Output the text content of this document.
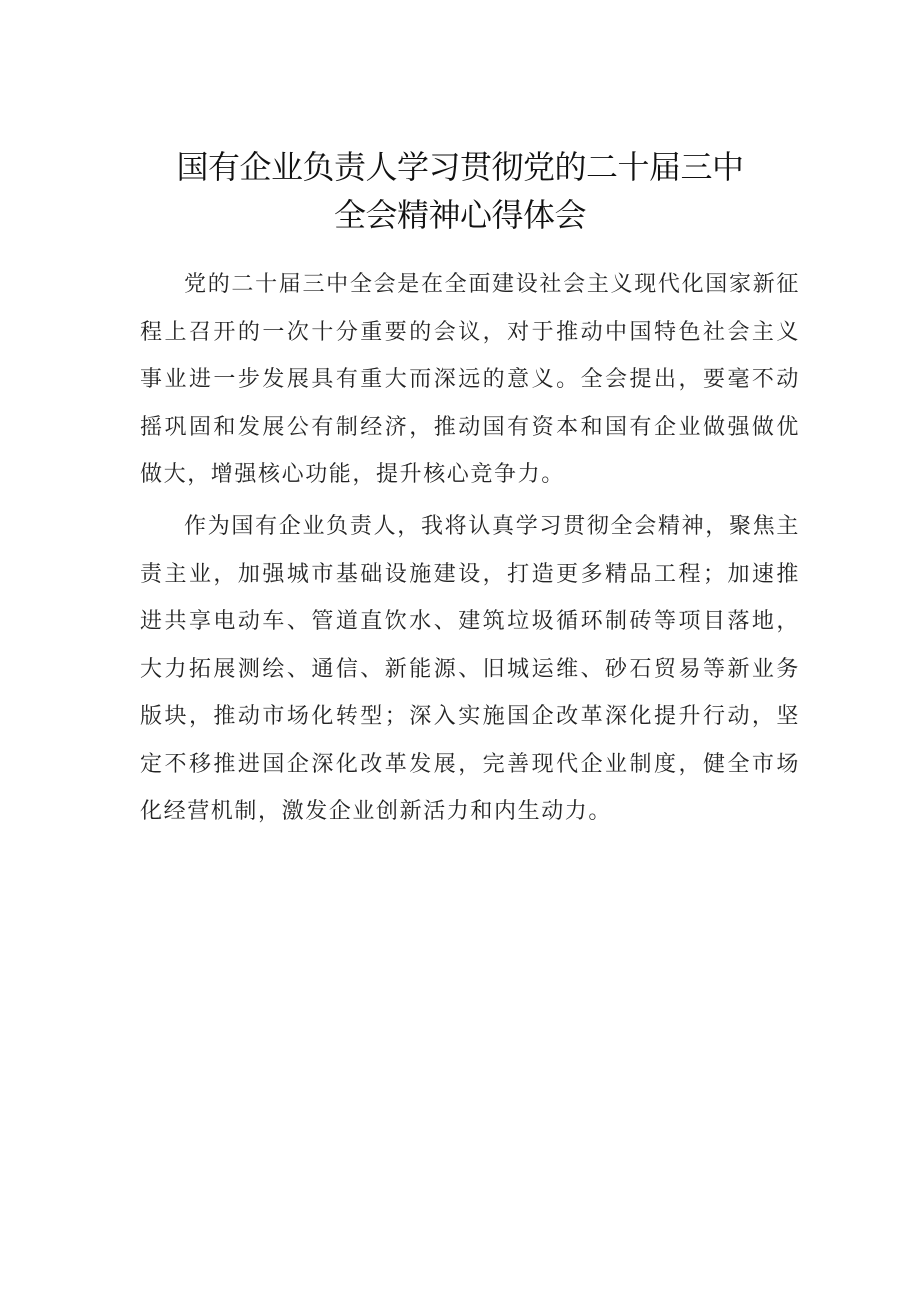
国有企业负责人学习贯彻党的二十届三中
全会精神心得体会

党的二十届三中全会是在全面建设社会主义现代化国家新征程上召开的一次十分重要的会议，对于推动中国特色社会主义事业进一步发展具有重大而深远的意义。全会提出，要毫不动摇巩固和发展公有制经济，推动国有资本和国有企业做强做优做大，增强核心功能，提升核心竞争力。

作为国有企业负责人，我将认真学习贯彻全会精神，聚焦主责主业，加强城市基础设施建设，打造更多精品工程；加速推进共享电动车、管道直饮水、建筑垃圾循环制砖等项目落地，大力拓展测绘、通信、新能源、旧城运维、砂石贸易等新业务版块，推动市场化转型；深入实施国企改革深化提升行动，坚定不移推进国企深化改革发展，完善现代企业制度，健全市场化经营机制，激发企业创新活力和内生动力。
